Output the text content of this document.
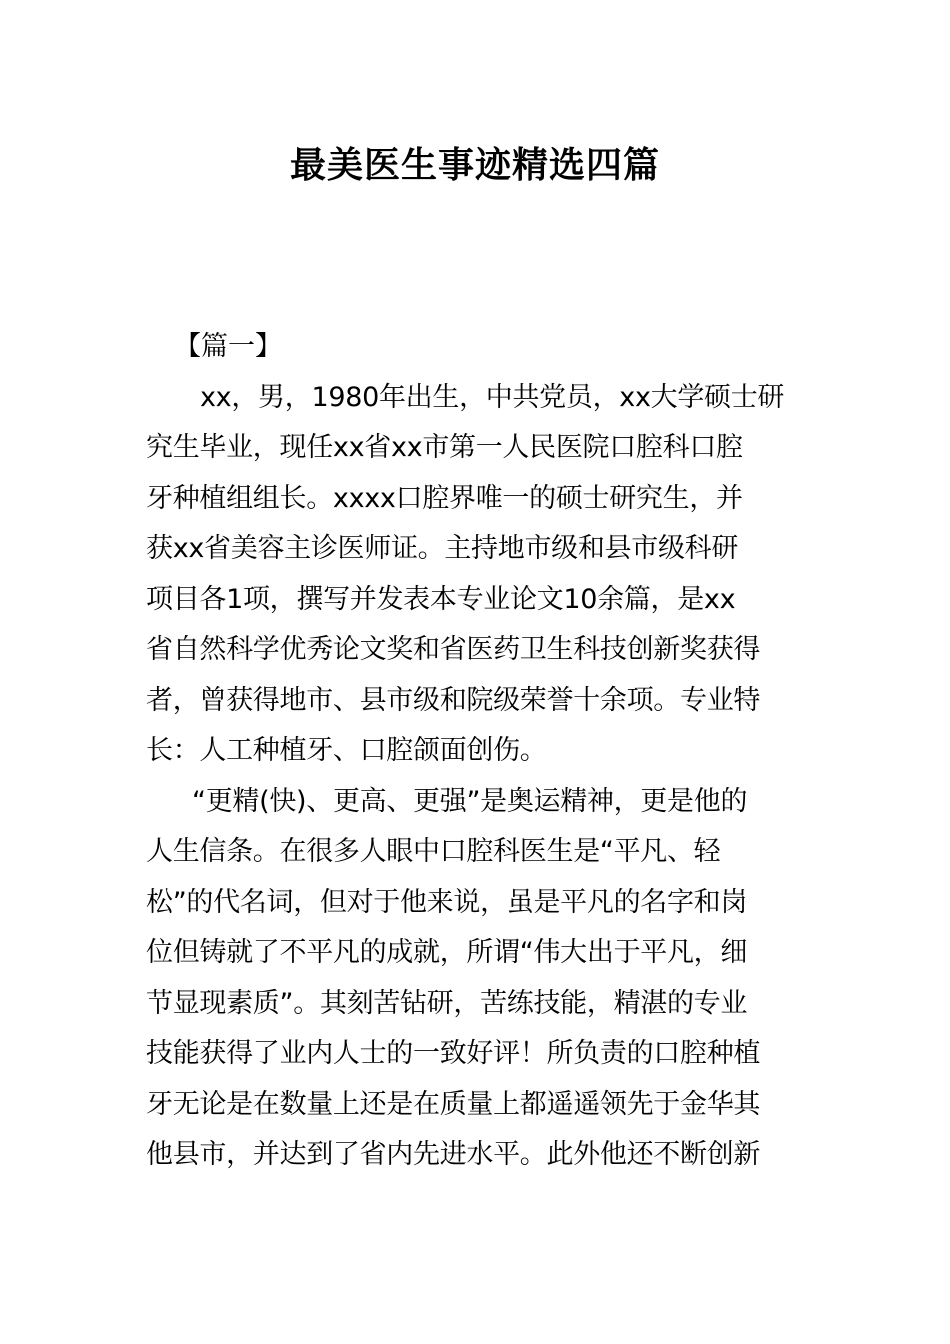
最美医生事迹精选四篇
【篇一】
xx，男，1980年出生，中共党员，xx大学硕士研
究生毕业，现任xx省xx市第一人民医院口腔科口腔
牙种植组组长。xxxx口腔界唯一的硕士研究生，并
获xx省美容主诊医师证。主持地市级和县市级科研
项目各1项，撰写并发表本专业论文10余篇，是xx
省自然科学优秀论文奖和省医药卫生科技创新奖获得
者，曾获得地市、县市级和院级荣誉十余项。专业特
长：人工种植牙、口腔颌面创伤。
“更精(快)、更高、更强”是奥运精神，更是他的
人生信条。在很多人眼中口腔科医生是“平凡、轻
松”的代名词，但对于他来说，虽是平凡的名字和岗
位但铸就了不平凡的成就，所谓“伟大出于平凡，细
节显现素质”。其刻苦钻研，苦练技能，精湛的专业
技能获得了业内人士的一致好评！所负责的口腔种植
牙无论是在数量上还是在质量上都遥遥领先于金华其
他县市，并达到了省内先进水平。此外他还不断创新
